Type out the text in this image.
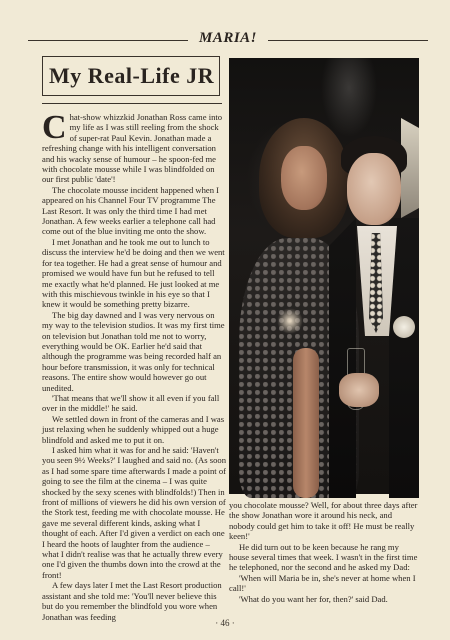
MARIA!
My Real-Life JR

Chat-show whizzkid Jonathan Ross came into my life as I was still reeling from the shock of super-rat Paul Kevin. Jonathan made a refreshing change with his intelligent conversation and his wacky sense of humour – he spoon-fed me with chocolate mousse while I was blindfolded on our first public 'date'!

The chocolate mousse incident happened when I appeared on his Channel Four TV programme The Last Resort. It was only the third time I had met Jonathan. A few weeks earlier a telephone call had come out of the blue inviting me onto the show.

I met Jonathan and he took me out to lunch to discuss the interview he'd be doing and then we went for tea together. He had a great sense of humour and promised we would have fun but he refused to tell me exactly what he'd planned. He just looked at me with this mischievous twinkle in his eye so that I knew it would be something pretty bizarre.

The big day dawned and I was very nervous on my way to the television studios. It was my first time on television but Jonathan told me not to worry, everything would be OK. Earlier he'd said that although the programme was being recorded half an hour before transmission, it was only for technical reasons. The entire show would however go out unedited.

'That means that we'll show it all even if you fall over in the middle!' he said.

We settled down in front of the cameras and I was just relaxing when he suddenly whipped out a huge blindfold and asked me to put it on.

I asked him what it was for and he said: 'Haven't you seen 9½ Weeks?' I laughed and said no. (As soon as I had some spare time afterwards I made a point of going to see the film at the cinema – I was quite shocked by the sexy scenes with blindfolds!) Then in front of millions of viewers he did his own version of the Stork test, feeding me with chocolate mousse. He gave me several different kinds, asking what I thought of each. After I'd given a verdict on each one I heard the hoots of laughter from the audience – what I didn't realise was that he actually threw every one I'd given the thumbs down into the crowd at the front!

A few days later I met the Last Resort production assistant and she told me: 'You'll never believe this but do you remember the blindfold you wore when Jonathan was feeding

you chocolate mousse? Well, for about three days after the show Jonathan wore it around his neck, and nobody could get him to take it off! He must be really keen!'

He did turn out to be keen because he rang my house several times that week. I wasn't in the first time he telephoned, nor the second and he asked my Dad:

'When will Maria be in, she's never at home when I call!'

'What do you want her for, then?' said Dad.

· 46 ·
